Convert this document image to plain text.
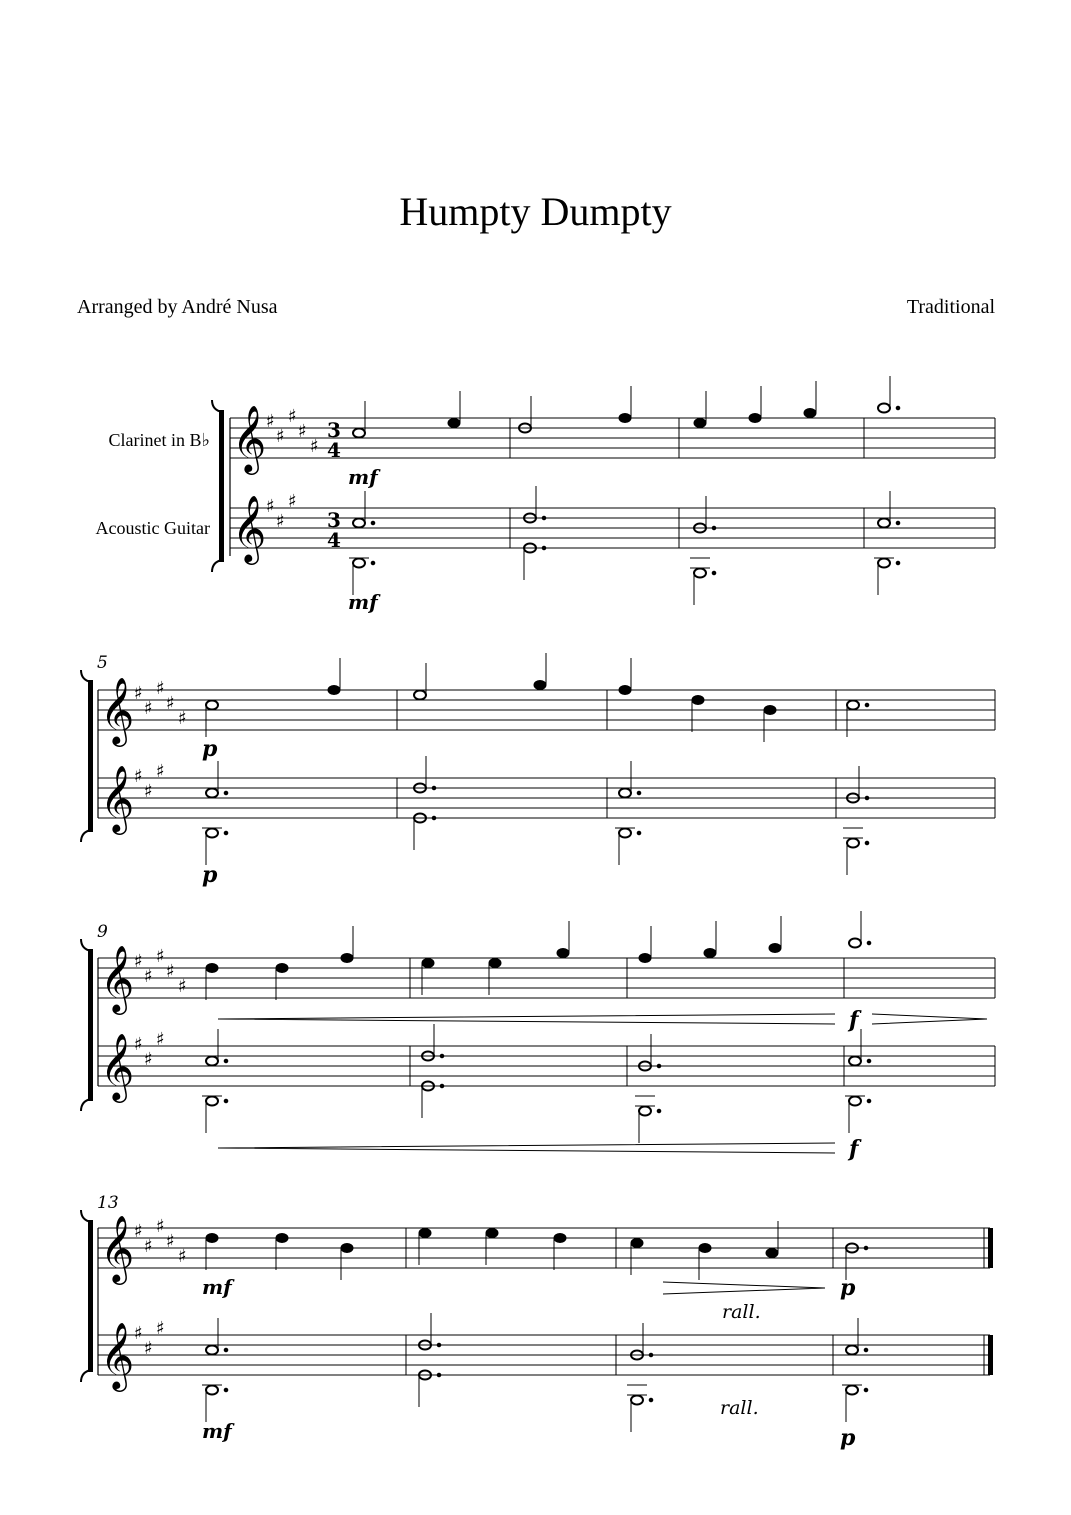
Humpty Dumpty
Arranged by André Nusa	Traditional
Clarinet in B♭
Acoustic Guitar
𝄞
𝄞
♯
♯
♯
♯
♯
♯
♯
♯
3
4
3
4
mf
mf
5
𝄞
𝄞
♯
♯
♯
♯
♯
♯
♯
♯
p
p
9
𝄞
𝄞
♯
♯
♯
♯
♯
♯
♯
♯
f
f
13
𝄞
𝄞
♯
♯
♯
♯
♯
♯
♯
♯
mf	p
rall.
rall.
mf	p
